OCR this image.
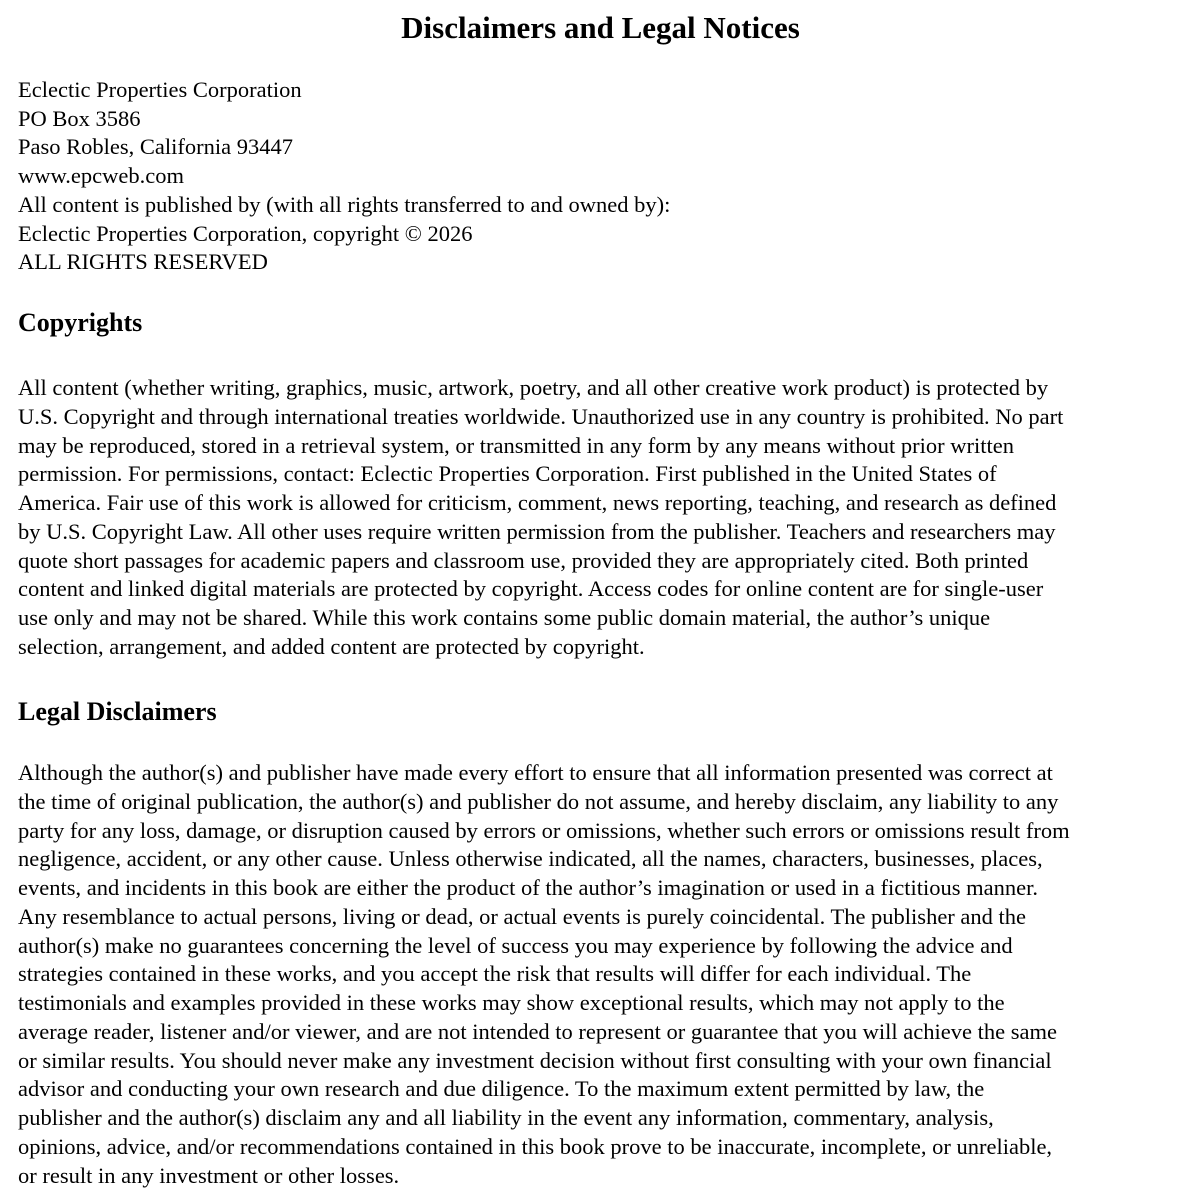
Disclaimers and Legal Notices
Eclectic Properties Corporation
PO Box 3586
Paso Robles, California 93447
www.epcweb.com
All content is published by (with all rights transferred to and owned by):
Eclectic Properties Corporation, copyright © 2026
ALL RIGHTS RESERVED
Copyrights

All content (whether writing, graphics, music, artwork, poetry, and all other creative work product) is protected by
U.S. Copyright and through international treaties worldwide. Unauthorized use in any country is prohibited. No part
may be reproduced, stored in a retrieval system, or transmitted in any form by any means without prior written
permission. For permissions, contact: Eclectic Properties Corporation. First published in the United States of
America. Fair use of this work is allowed for criticism, comment, news reporting, teaching, and research as defined
by U.S. Copyright Law. All other uses require written permission from the publisher. Teachers and researchers may
quote short passages for academic papers and classroom use, provided they are appropriately cited. Both printed
content and linked digital materials are protected by copyright. Access codes for online content are for single-user
use only and may not be shared. While this work contains some public domain material, the author’s unique
selection, arrangement, and added content are protected by copyright.

Legal Disclaimers

Although the author(s) and publisher have made every effort to ensure that all information presented was correct at
the time of original publication, the author(s) and publisher do not assume, and hereby disclaim, any liability to any
party for any loss, damage, or disruption caused by errors or omissions, whether such errors or omissions result from
negligence, accident, or any other cause. Unless otherwise indicated, all the names, characters, businesses, places,
events, and incidents in this book are either the product of the author’s imagination or used in a fictitious manner.
Any resemblance to actual persons, living or dead, or actual events is purely coincidental. The publisher and the
author(s) make no guarantees concerning the level of success you may experience by following the advice and
strategies contained in these works, and you accept the risk that results will differ for each individual. The
testimonials and examples provided in these works may show exceptional results, which may not apply to the
average reader, listener and/or viewer, and are not intended to represent or guarantee that you will achieve the same
or similar results. You should never make any investment decision without first consulting with your own financial
advisor and conducting your own research and due diligence. To the maximum extent permitted by law, the
publisher and the author(s) disclaim any and all liability in the event any information, commentary, analysis,
opinions, advice, and/or recommendations contained in this book prove to be inaccurate, incomplete, or unreliable,
or result in any investment or other losses.
